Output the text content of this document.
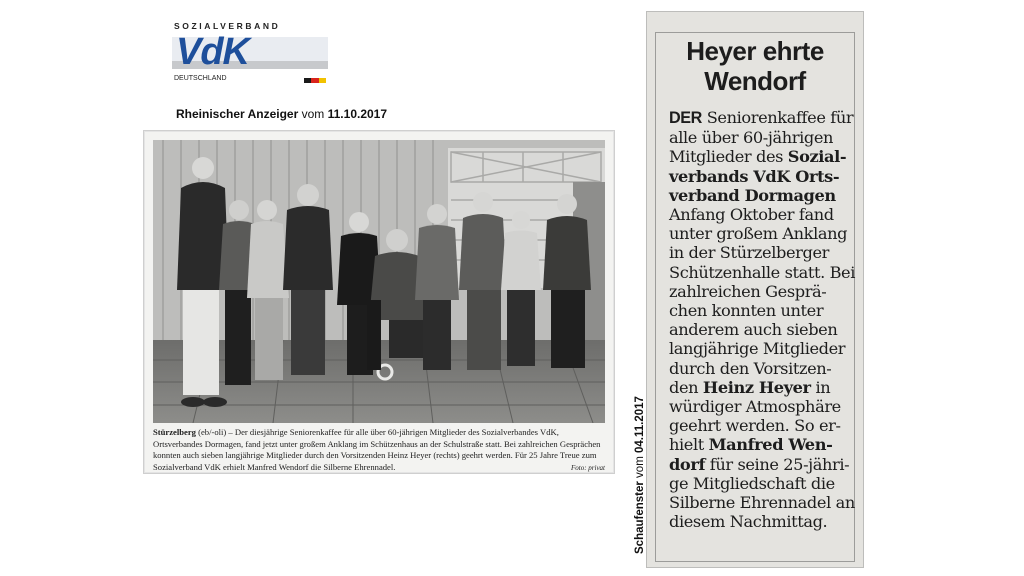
SOZIALVERBAND
VdK
DEUTSCHLAND
Rheinischer Anzeiger vom 11.10.2017
Stürzelberg (eb/-oli) – Der diesjährige Seniorenkaffee für alle über 60-jährigen Mitglieder des Sozialverbandes VdK, Ortsverbandes Dormagen, fand jetzt unter großem Anklang im Schützenhaus an der Schulstraße statt. Bei zahlreichen Gesprächen konnten auch sieben langjährige Mitglieder durch den Vorsitzenden Heinz Heyer (rechts) geehrt werden. Für 25 Jahre Treue zum Sozialverband VdK erhielt Manfred Wendorf die Silberne Ehrennadel.	Foto: privat
Schaufenster vom 04.11.2017
Heyer ehrte
Wendorf
DER Seniorenkaffee für
alle über 60-jährigen
Mitglieder des Sozial-
verbands VdK Orts-
verband Dormagen
Anfang Oktober fand
unter großem Anklang
in der Stürzelberger
Schützenhalle statt. Bei
zahlreichen Gesprä-
chen konnten unter
anderem auch sieben
langjährige Mitglieder
durch den Vorsitzen-
den Heinz Heyer in
würdiger Atmosphäre
geehrt werden. So er-
hielt Manfred Wen-
dorf für seine 25-jähri-
ge Mitgliedschaft die
Silberne Ehrennadel an
diesem Nachmittag.
